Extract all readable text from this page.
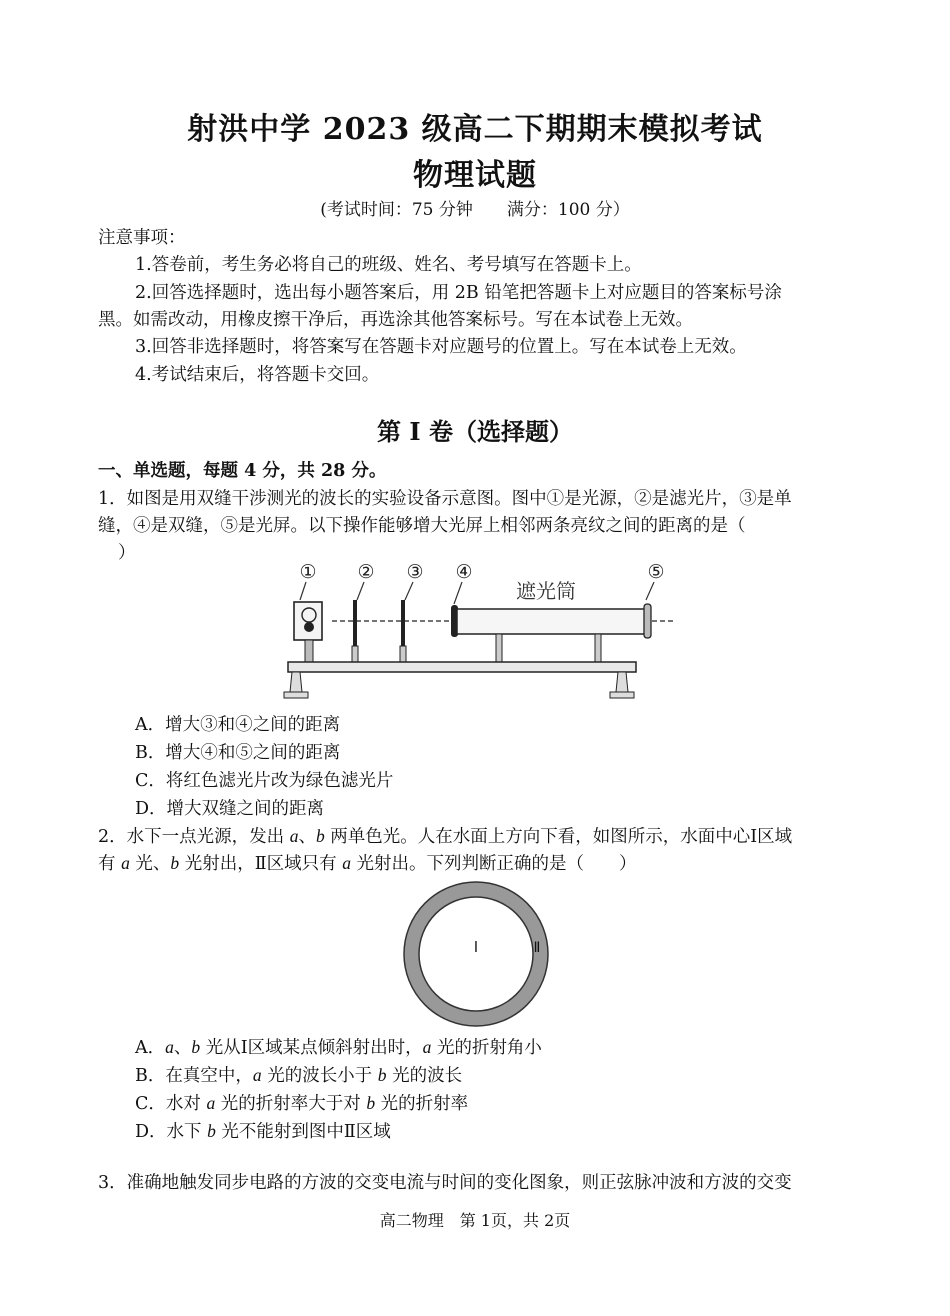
射洪中学 2023 级高二下期期末模拟考试
物理试题
(考试时间：75 分钟 满分：100 分）
注意事项：
1.答卷前，考生务必将自己的班级、姓名、考号填写在答题卡上。
2.回答选择题时，选出每小题答案后，用 2B 铅笔把答题卡上对应题目的答案标号涂
黑。如需改动，用橡皮擦干净后，再选涂其他答案标号。写在本试卷上无效。
3.回答非选择题时，将答案写在答题卡对应题号的位置上。写在本试卷上无效。
4.考试结束后，将答题卡交回。
第 I 卷（选择题）
一、单选题，每题 4 分，共 28 分。
1．如图是用双缝干涉测光的波长的实验设备示意图。图中①是光源，②是滤光片，③是单
缝，④是双缝，⑤是光屏。以下操作能够增大光屏上相邻两条亮纹之间的距离的是（
）
① ② ③ ④	⑤
遮光筒
A．增大③和④之间的距离
B．增大④和⑤之间的距离
C．将红色滤光片改为绿色滤光片
D．增大双缝之间的距离
2．水下一点光源，发出 a、b 两单色光。人在水面上方向下看，如图所示，水面中心Ⅰ区域
有 a 光、b 光射出，Ⅱ区域只有 a 光射出。下列判断正确的是（　　）
Ⅰ	Ⅱ
A．a、b 光从Ⅰ区域某点倾斜射出时，a 光的折射角小
B．在真空中，a 光的波长小于 b 光的波长
C．水对 a 光的折射率大于对 b 光的折射率
D．水下 b 光不能射到图中Ⅱ区域
3．准确地触发同步电路的方波的交变电流与时间的变化图象，则正弦脉冲波和方波的交变
高二物理　第 1页，共 2页
